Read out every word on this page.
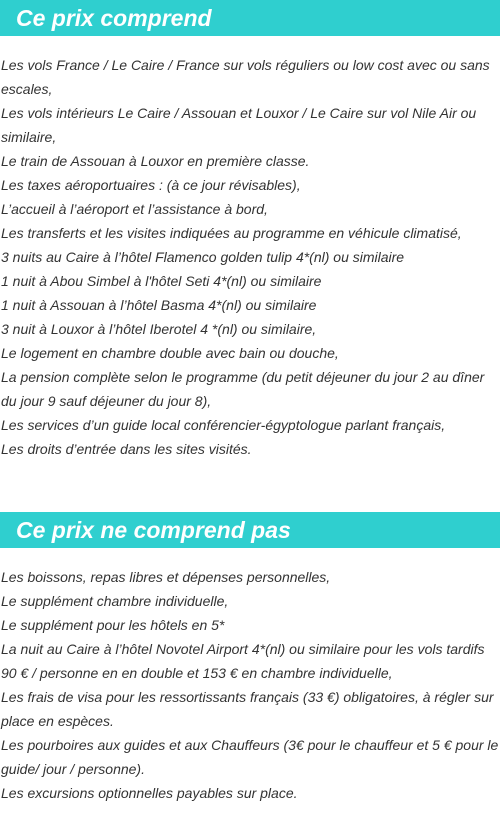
Ce prix comprend
Les vols France / Le Caire / France sur vols réguliers ou low cost avec ou sans escales,
Les vols intérieurs Le Caire / Assouan et Louxor / Le Caire sur vol Nile Air ou similaire,
Le train de Assouan à Louxor en première classe.
Les taxes aéroportuaires : (à ce jour révisables),
L’accueil à l’aéroport et l’assistance à bord,
Les transferts et les visites indiquées au programme en véhicule climatisé,
3 nuits au Caire à l’hôtel Flamenco golden tulip 4*(nl) ou similaire
1 nuit à Abou Simbel à l'hôtel Seti 4*(nl) ou similaire
1 nuit à Assouan à l’hôtel Basma 4*(nl) ou similaire
3 nuit à Louxor à l’hôtel Iberotel 4 *(nl) ou similaire,
Le logement en chambre double avec bain ou douche,
La pension complète selon le programme (du petit déjeuner du jour 2 au dîner du jour 9 sauf déjeuner du jour 8),
Les services d’un guide local conférencier-égyptologue parlant français,
Les droits d’entrée dans les sites visités.
Ce prix ne comprend pas
Les boissons, repas libres et dépenses personnelles,
Le supplément chambre individuelle,
Le supplément pour les hôtels en 5*
La nuit au Caire à l’hôtel Novotel Airport 4*(nl) ou similaire pour les vols tardifs 90 € / personne en en double et 153 € en chambre individuelle,
Les frais de visa pour les ressortissants français (33 €) obligatoires, à régler sur place en espèces.
Les pourboires aux guides et aux Chauffeurs (3€ pour le chauffeur et 5 € pour le guide/ jour / personne).
Les excursions optionnelles payables sur place.
